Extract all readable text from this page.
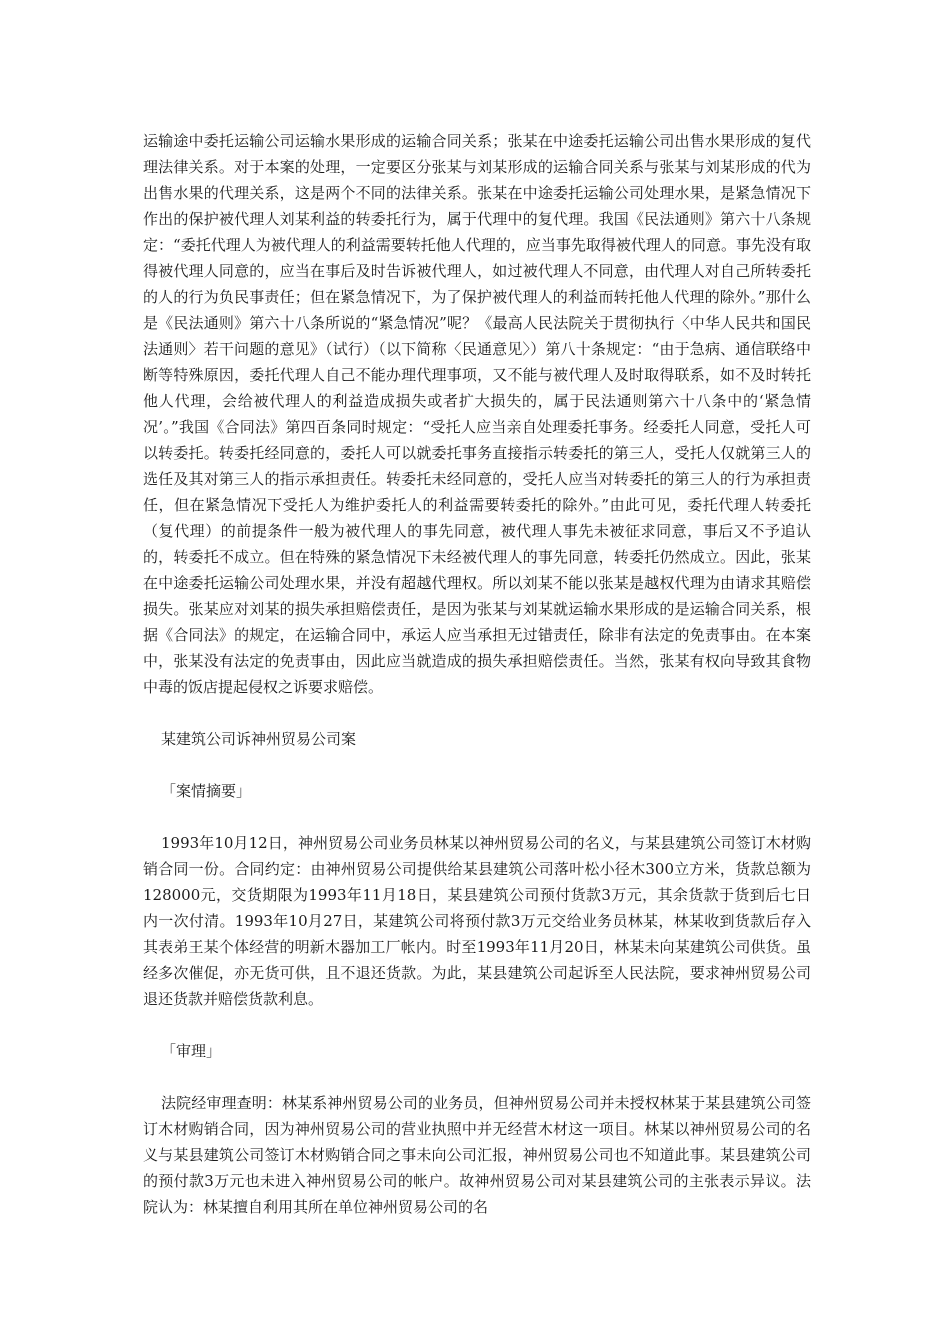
运输途中委托运输公司运输水果形成的运输合同关系；张某在中途委托运输公司出售水果形成的复代理法律关系。对于本案的处理，一定要区分张某与刘某形成的运输合同关系与张某与刘某形成的代为出售水果的代理关系，这是两个不同的法律关系。张某在中途委托运输公司处理水果，是紧急情况下作出的保护被代理人刘某利益的转委托行为，属于代理中的复代理。我国《民法通则》第六十八条规定：“委托代理人为被代理人的利益需要转托他人代理的，应当事先取得被代理人的同意。事先没有取得被代理人同意的，应当在事后及时告诉被代理人，如过被代理人不同意，由代理人对自己所转委托的人的行为负民事责任；但在紧急情况下，为了保护被代理人的利益而转托他人代理的除外。”那什么是《民法通则》第六十八条所说的“紧急情况”呢？《最高人民法院关于贯彻执行〈中华人民共和国民法通则〉若干问题的意见》（试行）（以下简称〈民通意见〉）第八十条规定：“由于急病、通信联络中断等特殊原因，委托代理人自己不能办理代理事项，又不能与被代理人及时取得联系，如不及时转托他人代理，会给被代理人的利益造成损失或者扩大损失的，属于民法通则第六十八条中的‘紧急情况’。”我国《合同法》第四百条同时规定：“受托人应当亲自处理委托事务。经委托人同意，受托人可以转委托。转委托经同意的，委托人可以就委托事务直接指示转委托的第三人，受托人仅就第三人的选任及其对第三人的指示承担责任。转委托未经同意的，受托人应当对转委托的第三人的行为承担责任，但在紧急情况下受托人为维护委托人的利益需要转委托的除外。”由此可见，委托代理人转委托（复代理）的前提条件一般为被代理人的事先同意，被代理人事先未被征求同意，事后又不予追认的，转委托不成立。但在特殊的紧急情况下未经被代理人的事先同意，转委托仍然成立。因此，张某在中途委托运输公司处理水果，并没有超越代理权。所以刘某不能以张某是越权代理为由请求其赔偿损失。张某应对刘某的损失承担赔偿责任，是因为张某与刘某就运输水果形成的是运输合同关系，根据《合同法》的规定，在运输合同中，承运人应当承担无过错责任，除非有法定的免责事由。在本案中，张某没有法定的免责事由，因此应当就造成的损失承担赔偿责任。当然，张某有权向导致其食物中毒的饭店提起侵权之诉要求赔偿。

某建筑公司诉神州贸易公司案

「案情摘要」

1993年10月12日，神州贸易公司业务员林某以神州贸易公司的名义，与某县建筑公司签订木材购销合同一份。合同约定：由神州贸易公司提供给某县建筑公司落叶松小径木300立方米，货款总额为128000元，交货期限为1993年11月18日，某县建筑公司预付货款3万元，其余货款于货到后七日内一次付清。1993年10月27日，某建筑公司将预付款3万元交给业务员林某，林某收到货款后存入其表弟王某个体经营的明新木器加工厂帐内。时至1993年11月20日，林某未向某建筑公司供货。虽经多次催促，亦无货可供，且不退还货款。为此，某县建筑公司起诉至人民法院，要求神州贸易公司退还货款并赔偿货款利息。

「审理」

法院经审理查明：林某系神州贸易公司的业务员，但神州贸易公司并未授权林某于某县建筑公司签订木材购销合同，因为神州贸易公司的营业执照中并无经营木材这一项目。林某以神州贸易公司的名义与某县建筑公司签订木材购销合同之事未向公司汇报，神州贸易公司也不知道此事。某县建筑公司的预付款3万元也未进入神州贸易公司的帐户。故神州贸易公司对某县建筑公司的主张表示异议。法院认为：林某擅自利用其所在单位神州贸易公司的名
